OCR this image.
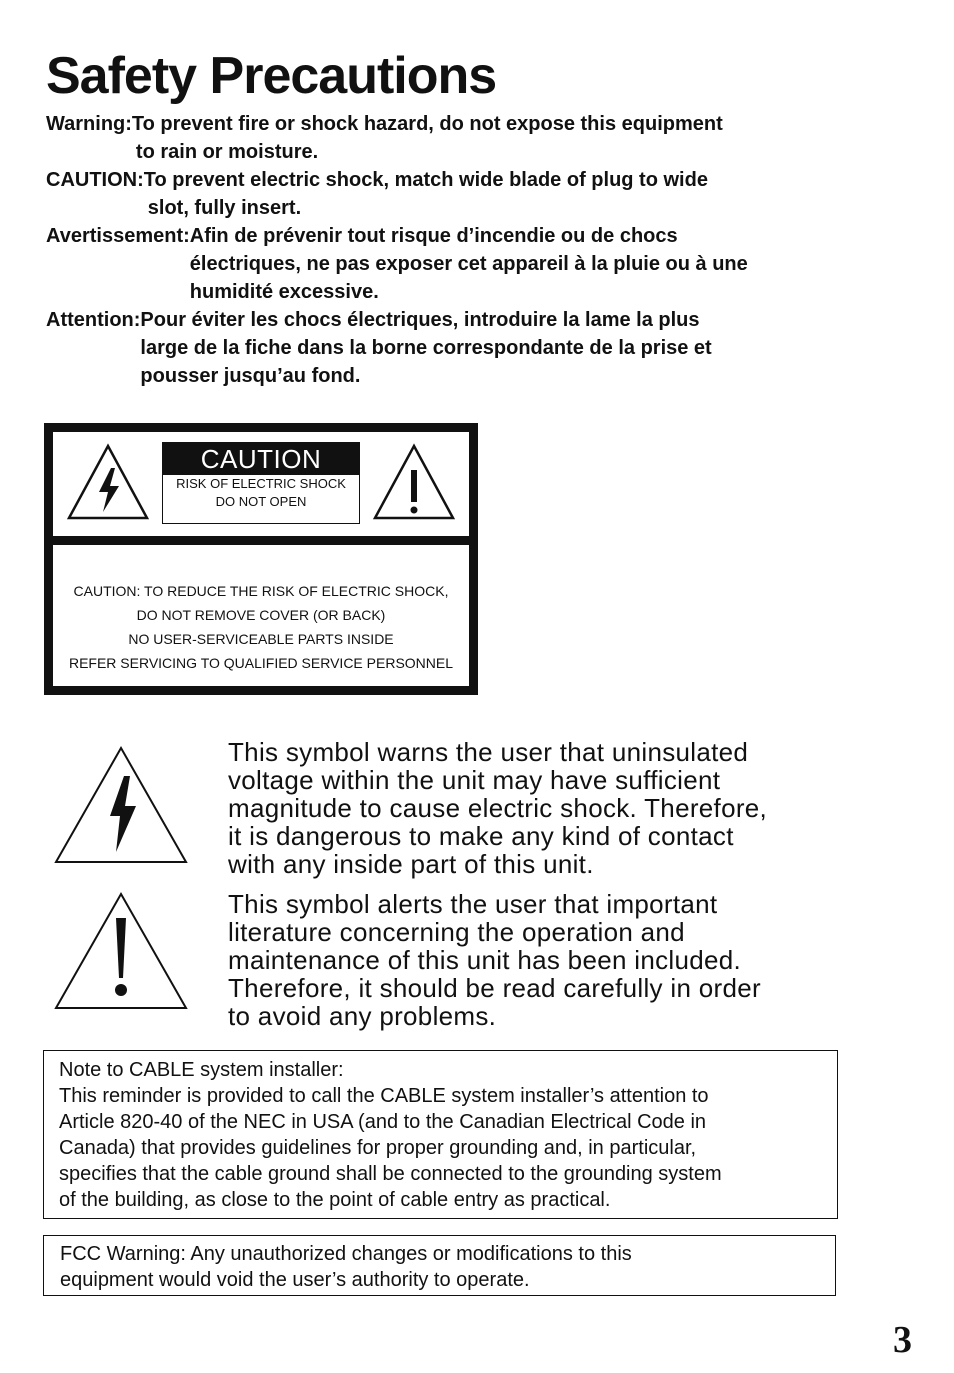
Safety Precautions
Warning: To prevent fire or shock hazard, do not expose this equipment
to rain or moisture.
CAUTION: To prevent electric shock, match wide blade of plug to wide
slot, fully insert.
Avertissement: Afin de prévenir tout risque d’incendie ou de chocs
électriques, ne pas exposer cet appareil à la pluie ou à une
humidité excessive.
Attention: Pour éviter les chocs électriques, introduire la lame la plus
large de la fiche dans la borne correspondante de la prise et
pousser jusqu’au fond.
CAUTION
RISK OF ELECTRIC SHOCK
DO NOT OPEN
CAUTION: TO REDUCE THE RISK OF ELECTRIC SHOCK,
DO NOT REMOVE COVER (OR BACK)
NO USER-SERVICEABLE PARTS INSIDE
REFER SERVICING TO QUALIFIED SERVICE PERSONNEL
This symbol warns the user that uninsulated
voltage within the unit may have sufficient
magnitude to cause electric shock. Therefore,
it is dangerous to make any kind of contact
with any inside part of this unit.
This symbol alerts the user that important
literature concerning the operation and
maintenance of this unit has been included.
Therefore, it should be read carefully in order
to avoid any problems.
Note to CABLE system installer:
This reminder is provided to call the CABLE system installer’s attention to
Article 820-40 of the NEC in USA (and to the Canadian Electrical Code in
Canada) that provides guidelines for proper grounding and, in particular,
specifies that the cable ground shall be connected to the grounding system
of the building, as close to the point of cable entry as practical.
FCC Warning: Any unauthorized changes or modifications to this
equipment would void the user’s authority to operate.
3
